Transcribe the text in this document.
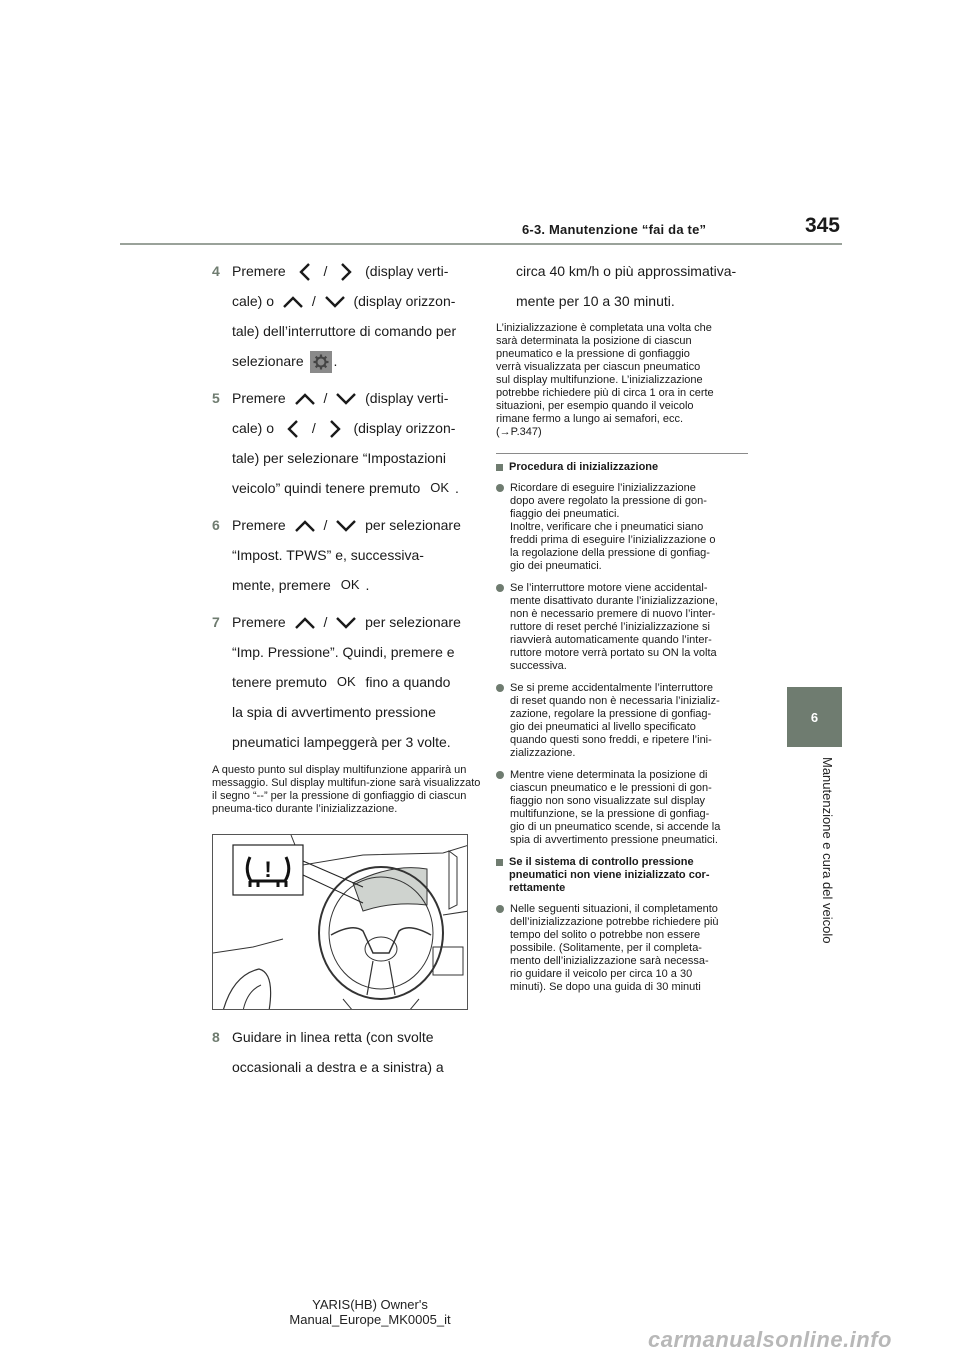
6-3. Manutenzione “fai da te”	345
6
Manutenzione e cura del veicolo
4 Premere	/	(display verti-
cale) o	/	(display orizzon-
tale) dell’interruttore di comando per
selezionare .
5 Premere	/	(display verti-
cale) o	/	(display orizzon-
tale) per selezionare “Impostazioni
veicolo” quindi tenere premuto OK .
6 Premere	/	per selezionare
“Impost. TPWS” e, successiva-
mente, premere OK .
7 Premere	/	per selezionare
“Imp. Pressione”. Quindi, premere e
tenere premuto OK fino a quando
la spia di avvertimento pressione
pneumatici lampeggerà per 3 volte.
A questo punto sul display multifunzione apparirà un messaggio. Sul display multifun-zione sarà visualizzato il segno “--” per la pressione di gonfiaggio di ciascun pneuma-tico durante l’inizializzazione.
!
8 Guidare in linea retta (con svolte
occasionali a destra e a sinistra) a
circa 40 km/h o più approssimativa-
mente per 10 a 30 minuti.
L’inizializzazione è completata una volta che
sarà determinata la posizione di ciascun
pneumatico e la pressione di gonfiaggio
verrà visualizzata per ciascun pneumatico
sul display multifunzione. L’inizializzazione
potrebbe richiedere più di circa 1 ora in certe
situazioni, per esempio quando il veicolo
rimane fermo a lungo ai semafori, ecc.
(→P.347)
Procedura di inizializzazione
Ricordare di eseguire l’inizializzazione
dopo avere regolato la pressione di gon-
fiaggio dei pneumatici.
Inoltre, verificare che i pneumatici siano
freddi prima di eseguire l’inizializzazione o
la regolazione della pressione di gonfiag-
gio dei pneumatici.
Se l’interruttore motore viene accidental-
mente disattivato durante l’inizializzazione,
non è necessario premere di nuovo l’inter-
ruttore di reset perché l’inizializzazione si
riavvierà automaticamente quando l’inter-
ruttore motore verrà portato su ON la volta
successiva.
Se si preme accidentalmente l’interruttore
di reset quando non è necessaria l’inizializ-
zazione, regolare la pressione di gonfiag-
gio dei pneumatici al livello specificato
quando questi sono freddi, e ripetere l’ini-
zializzazione.
Mentre viene determinata la posizione di
ciascun pneumatico e le pressioni di gon-
fiaggio non sono visualizzate sul display
multifunzione, se la pressione di gonfiag-
gio di un pneumatico scende, si accende la
spia di avvertimento pressione pneumatici.
Se il sistema di controllo pressione
pneumatici non viene inizializzato cor-
rettamente
Nelle seguenti situazioni, il completamento
dell’inizializzazione potrebbe richiedere più
tempo del solito o potrebbe non essere
possibile. (Solitamente, per il completa-
mento dell’inizializzazione sarà necessa-
rio guidare il veicolo per circa 10 a 30
minuti). Se dopo una guida di 30 minuti
YARIS(HB) Owner's Manual_Europe_MK0005_it
carmanualsonline.info
